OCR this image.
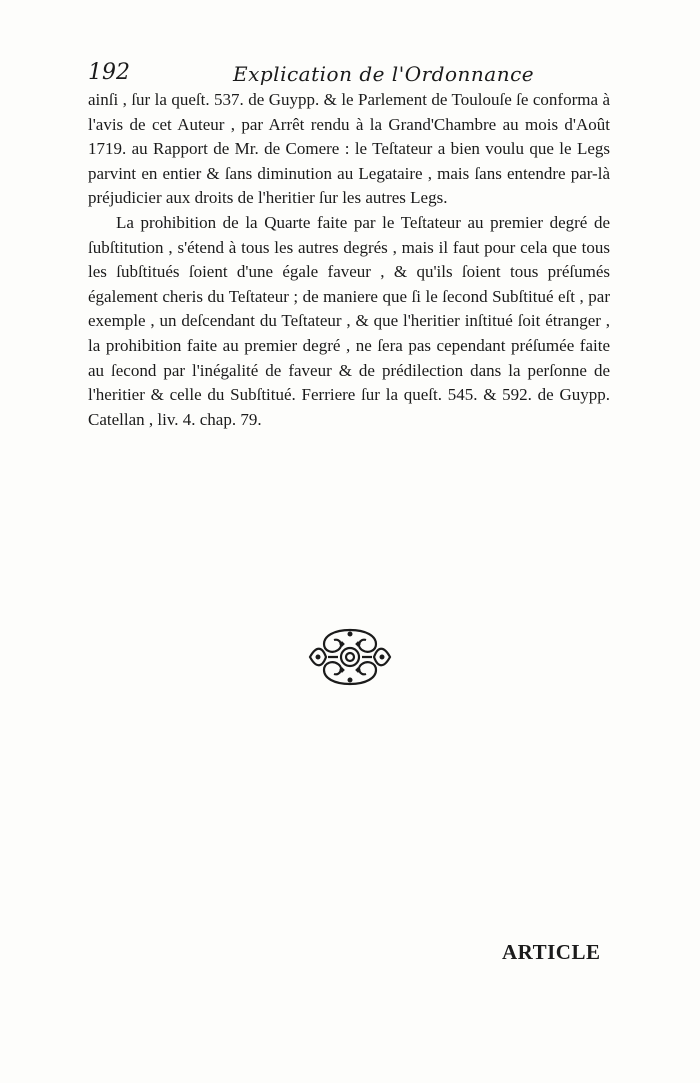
192	Explication de l'Ordonnance

ainſi , ſur la queſt. 537. de Guypp. & le Parlement de Toulouſe ſe conforma à l'avis de cet Auteur , par Arrêt rendu à la Grand'Chambre au mois d'Août 1719. au Rapport de Mr. de Comere : le Teſtateur a bien voulu que le Legs parvint en entier & ſans diminution au Legataire , mais ſans entendre par-là préjudicier aux droits de l'heritier ſur les autres Legs.

La prohibition de la Quarte faite par le Teſtateur au premier degré de ſubſtitution , s'étend à tous les autres degrés , mais il faut pour cela que tous les ſubſtitués ſoient d'une égale faveur , & qu'ils ſoient tous préſumés également cheris du Teſtateur ; de maniere que ſi le ſecond Subſtitué eſt , par exemple , un deſcendant du Teſtateur , & que l'heritier inſtitué ſoit étranger , la prohibition faite au premier degré , ne ſera pas cependant préſumée faite au ſecond par l'inégalité de faveur & de prédilection dans la perſonne de l'heritier & celle du Subſtitué. Ferriere ſur la queſt. 545. & 592. de Guypp. Catellan , liv. 4. chap. 79.

ARTICLE
